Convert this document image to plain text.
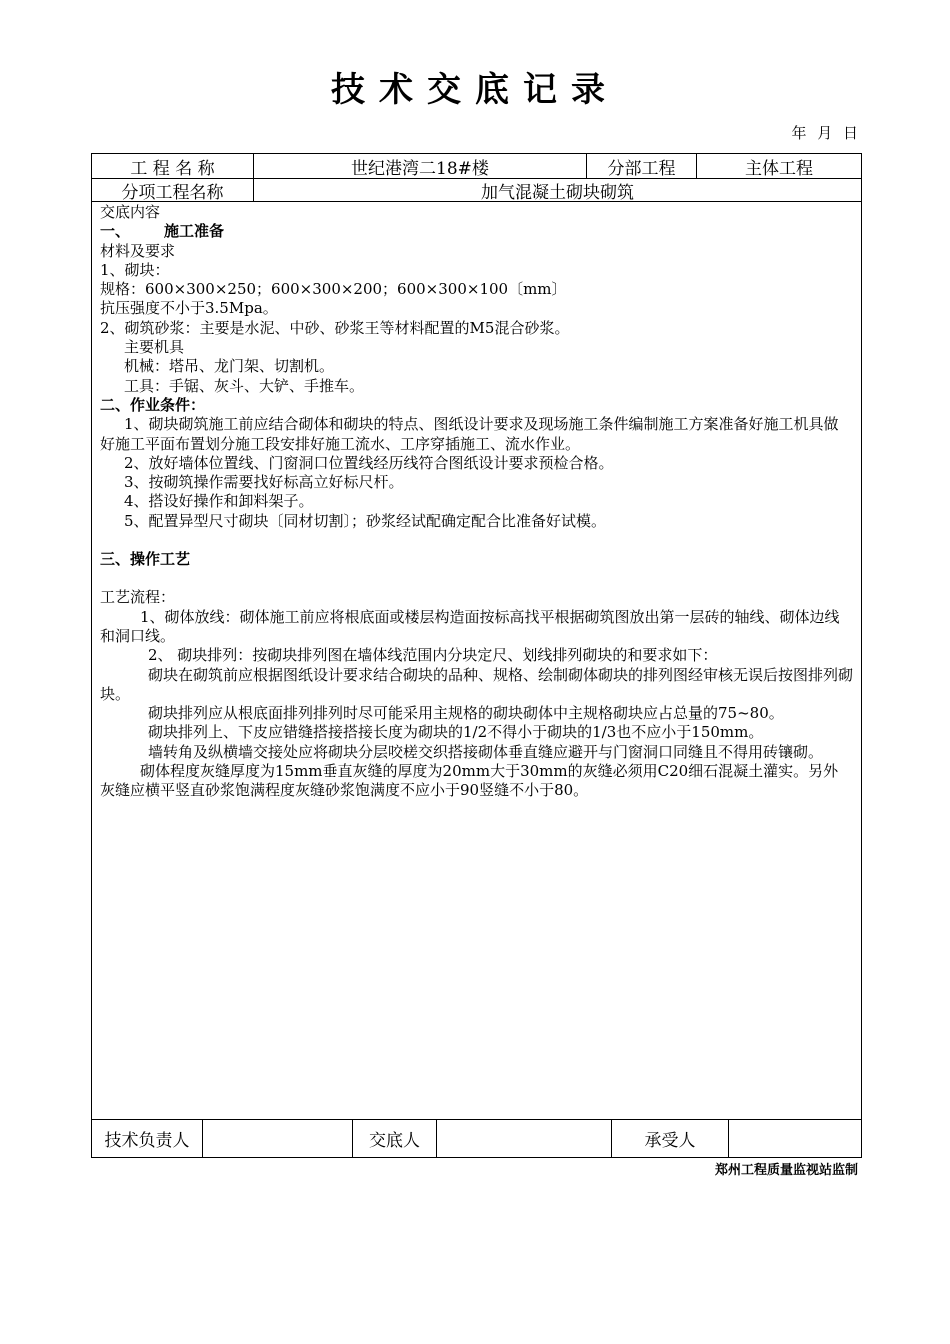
技术交底记录
年 月 日
工 程 名 称	世纪港湾二18#楼	分部工程	主体工程
分项工程名称	加气混凝土砌块砌筑

交底内容

一、 施工准备

材料及要求

1、砌块：

规格：600×300×250；600×300×200；600×300×100〔mm〕

抗压强度不小于3.5Mpa。

2、砌筑砂浆：主要是水泥、中砂、砂浆王等材料配置的M5混合砂浆。

主要机具

机械：塔吊、龙门架、切割机。

工具：手锯、灰斗、大铲、手推车。

二、作业条件：

1、砌块砌筑施工前应结合砌体和砌块的特点、图纸设计要求及现场施工条件编制施工方案准备好施工机具做好施工平面布置划分施工段安排好施工流水、工序穿插施工、流水作业。

2、放好墙体位置线、门窗洞口位置线经历线符合图纸设计要求预检合格。

3、按砌筑操作需要找好标高立好标尺杆。

4、搭设好操作和卸料架子。

5、配置异型尺寸砌块〔同材切割〕；砂浆经试配确定配合比准备好试模。

三、操作工艺

工艺流程：

1、砌体放线：砌体施工前应将根底面或楼层构造面按标高找平根据砌筑图放出第一层砖的轴线、砌体边线和洞口线。

2、 砌块排列：按砌块排列图在墙体线范围内分块定尺、划线排列砌块的和要求如下：

砌块在砌筑前应根据图纸设计要求结合砌块的品种、规格、绘制砌体砌块的排列图经审核无误后按图排列砌块。

砌块排列应从根底面排列排列时尽可能采用主规格的砌块砌体中主规格砌块应占总量的75~80。

砌块排列上、下皮应错缝搭接搭接长度为砌块的1/2不得小于砌块的1/3也不应小于150mm。

墙转角及纵横墙交接处应将砌块分层咬槎交织搭接砌体垂直缝应避开与门窗洞口同缝且不得用砖镶砌。

砌体程度灰缝厚度为15mm垂直灰缝的厚度为20mm大于30mm的灰缝必须用C20细石混凝土灌实。另外灰缝应横平竖直砂浆饱满程度灰缝砂浆饱满度不应小于90竖缝不小于80。

技术负责人	交底人	承受人
郑州工程质量监视站监制
